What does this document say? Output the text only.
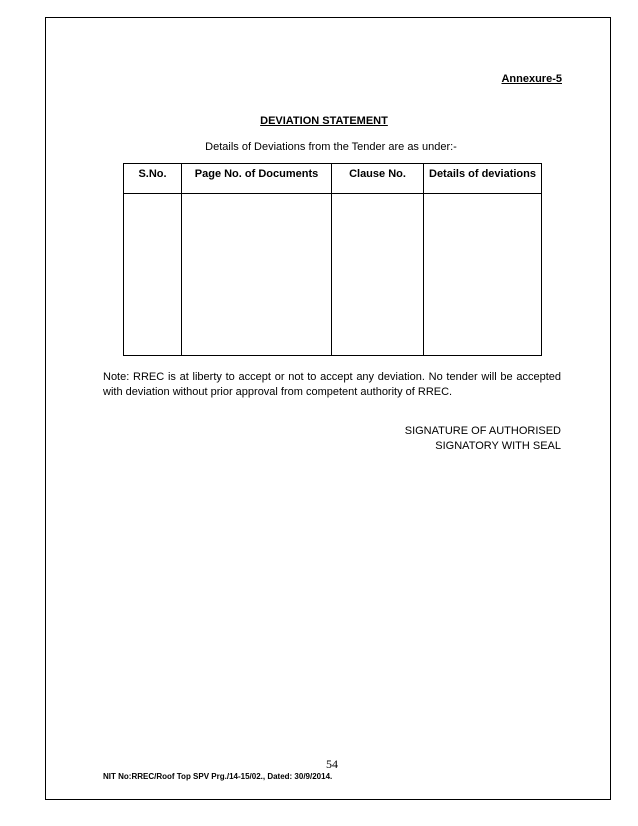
Annexure-5
DEVIATION STATEMENT
Details of Deviations from the Tender are as under:-
S.No.	Page No. of Documents	Clause No.	Details of deviations

Note: RREC is at liberty to accept or not to accept any deviation. No tender will be accepted with deviation without prior approval from competent authority of RREC.
SIGNATURE OF AUTHORISED
SIGNATORY WITH SEAL
54
NIT No:RREC/Roof Top SPV Prg./14-15/02., Dated: 30/9/2014.
